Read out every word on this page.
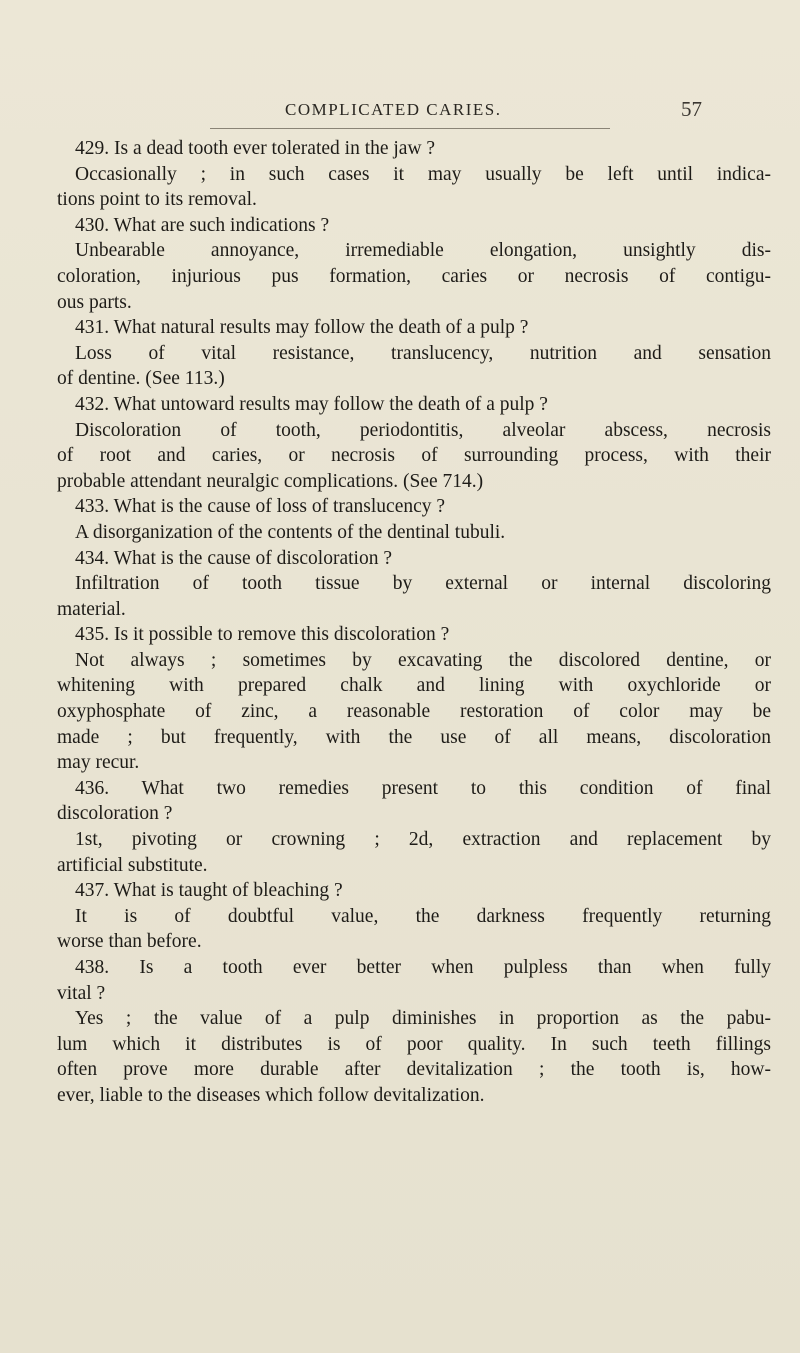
COMPLICATED CARIES.	57
429. Is a dead tooth ever tolerated in the jaw ?
Occasionally ; in such cases it may usually be left until indica-
tions point to its removal.
430. What are such indications ?
Unbearable annoyance, irremediable elongation, unsightly dis-
coloration, injurious pus formation, caries or necrosis of contigu-
ous parts.
431. What natural results may follow the death of a pulp ?
Loss of vital resistance, translucency, nutrition and sensation
of dentine. (See 113.)
432. What untoward results may follow the death of a pulp ?
Discoloration of tooth, periodontitis, alveolar abscess, necrosis
of root and caries, or necrosis of surrounding process, with their
probable attendant neuralgic complications. (See 714.)
433. What is the cause of loss of translucency ?
A disorganization of the contents of the dentinal tubuli.
434. What is the cause of discoloration ?
Infiltration of tooth tissue by external or internal discoloring
material.
435. Is it possible to remove this discoloration ?
Not always ; sometimes by excavating the discolored dentine, or
whitening with prepared chalk and lining with oxychloride or
oxyphosphate of zinc, a reasonable restoration of color may be
made ; but frequently, with the use of all means, discoloration
may recur.
436. What two remedies present to this condition of final
discoloration ?
1st, pivoting or crowning ; 2d, extraction and replacement by
artificial substitute.
437. What is taught of bleaching ?
It is of doubtful value, the darkness frequently returning
worse than before.
438. Is a tooth ever better when pulpless than when fully
vital ?
Yes ; the value of a pulp diminishes in proportion as the pabu-
lum which it distributes is of poor quality. In such teeth fillings
often prove more durable after devitalization ; the tooth is, how-
ever, liable to the diseases which follow devitalization.
